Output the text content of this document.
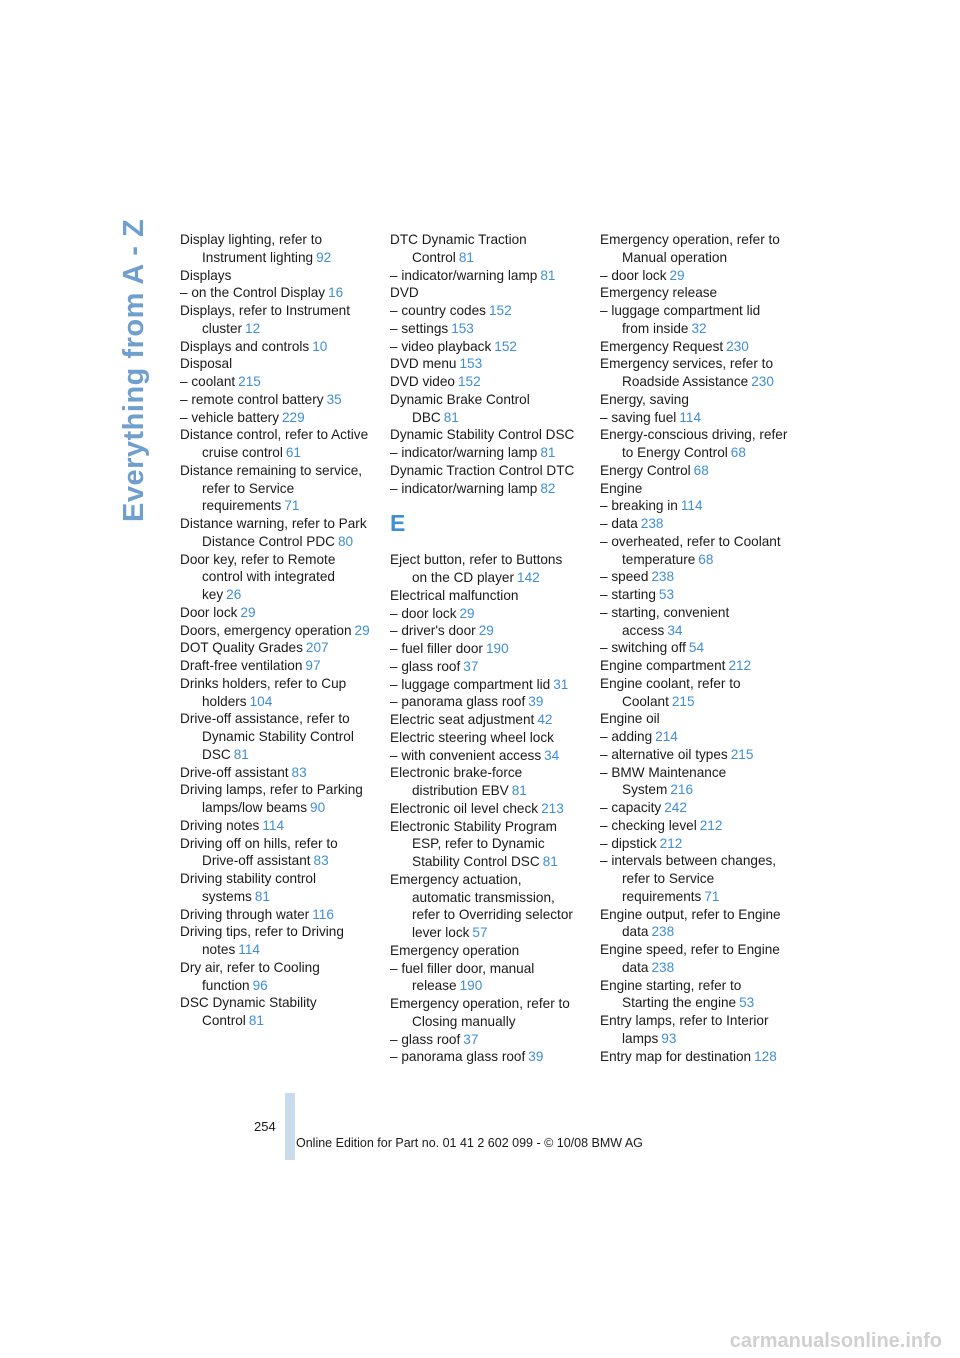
Everything from A - Z Display lighting, refer to Instrument lighting 92
Displays
– on the Control Display 16
Displays, refer to Instrument cluster 12
Displays and controls 10
Disposal
– coolant 215
– remote control battery 35
– vehicle battery 229
Distance control, refer to Active cruise control 61
Distance remaining to service, refer to Service requirements 71
Distance warning, refer to Park Distance Control PDC 80
Door key, refer to Remote control with integrated key 26
Door lock 29
Doors, emergency operation 29
DOT Quality Grades 207
Draft-free ventilation 97
Drinks holders, refer to Cup holders 104
Drive-off assistance, refer to Dynamic Stability Control DSC 81
Drive-off assistant 83
Driving lamps, refer to Parking lamps/low beams 90
Driving notes 114
Driving off on hills, refer to Drive-off assistant 83
Driving stability control systems 81
Driving through water 116
Driving tips, refer to Driving notes 114
Dry air, refer to Cooling function 96
DSC Dynamic Stability Control 81
DTC Dynamic Traction Control 81
– indicator/warning lamp 81
DVD
– country codes 152
– settings 153
– video playback 152
DVD menu 153
DVD video 152
Dynamic Brake Control DBC 81
Dynamic Stability Control DSC
– indicator/warning lamp 81
Dynamic Traction Control DTC
– indicator/warning lamp 82
E
Eject button, refer to Buttons on the CD player 142
Electrical malfunction
– door lock 29
– driver's door 29
– fuel filler door 190
– glass roof 37
– luggage compartment lid 31
– panorama glass roof 39
Electric seat adjustment 42
Electric steering wheel lock
– with convenient access 34
Electronic brake-force distribution EBV 81
Electronic oil level check 213
Electronic Stability Program ESP, refer to Dynamic Stability Control DSC 81
Emergency actuation, automatic transmission, refer to Overriding selector lever lock 57
Emergency operation
– fuel filler door, manual release 190
Emergency operation, refer to Closing manually
– glass roof 37
– panorama glass roof 39
Emergency operation, refer to Manual operation
– door lock 29
Emergency release
– luggage compartment lid from inside 32
Emergency Request 230
Emergency services, refer to Roadside Assistance 230
Energy, saving
– saving fuel 114
Energy-conscious driving, refer to Energy Control 68
Energy Control 68
Engine
– breaking in 114
– data 238
– overheated, refer to Coolant temperature 68
– speed 238
– starting 53
– starting, convenient access 34
– switching off 54
Engine compartment 212
Engine coolant, refer to Coolant 215
Engine oil
– adding 214
– alternative oil types 215
– BMW Maintenance System 216
– capacity 242
– checking level 212
– dipstick 212
– intervals between changes, refer to Service requirements 71
Engine output, refer to Engine data 238
Engine speed, refer to Engine data 238
Engine starting, refer to Starting the engine 53
Entry lamps, refer to Interior lamps 93
Entry map for destination 128
254
Online Edition for Part no. 01 41 2 602 099 - © 10/08 BMW AG
carmanualsonline.info
